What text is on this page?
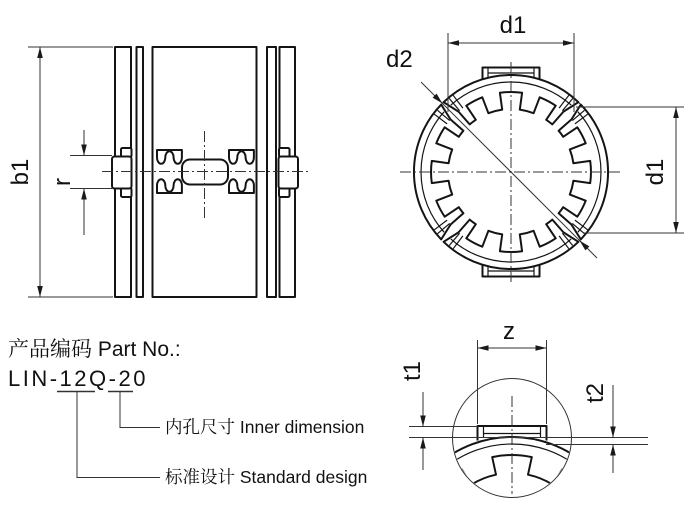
b1 r
d1
d2
d1
z
t1
t2
产品编码 Part No.:
LIN-12Q-20
内孔尺寸 Inner dimension
标准设计 Standard design
